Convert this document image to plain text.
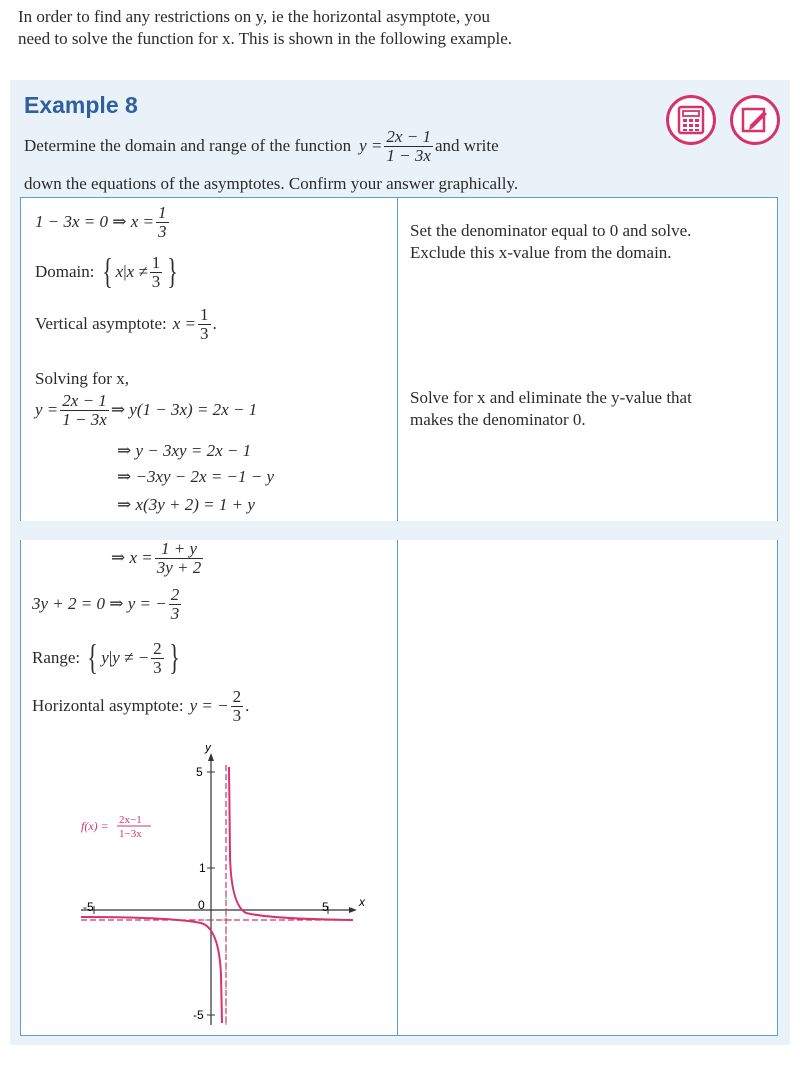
In order to find any restrictions on y, ie the horizontal asymptote, you
need to solve the function for x. This is shown in the following example.
Example 8
Determine the domain and range of the function $y = \frac{2x - 1}{1 - 3x}$ and write
down the equations of the asymptotes. Confirm your answer graphically.
1 − 3x = 0 ⇒ $x = \frac{1}{3}$
Domain: { x | $x \ne \frac{1}{3}$ }
Vertical asymptote: $x = \frac{1}{3}$ .
Set the denominator equal to 0 and solve.
Exclude this x-value from the domain.
Solving for x,
$y = \frac{2x - 1}{1 - 3x}$ ⇒ y(1 − 3x) = 2x − 1
⇒ y − 3xy = 2x − 1
⇒ −3xy − 2x = −1 − y
⇒ x(3y + 2) = 1 + y
Solve for x and eliminate the y-value that
makes the denominator 0.
⇒ $x = \frac{1 + y}{3y + 2}$
3y + 2 = 0 ⇒ y = − $\frac{2}{3}$
Range: { y | y ≠ − $\frac{2}{3}$ }
Horizontal asymptote: y = − $\frac{2}{3}$ .
y
x
5
1
-5
0
-5	5
f(x) = 2x−1
1−3x
